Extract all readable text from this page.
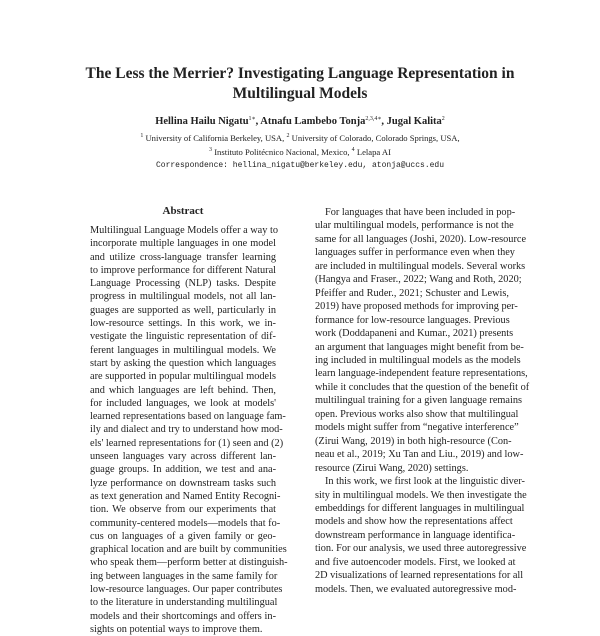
The Less the Merrier? Investigating Language Representation in
Multilingual Models
Hellina Hailu Nigatu$^{1∗}$, Atnafu Lambebo Tonja$^{2,3,4∗}$, Jugal Kalita$^2$
$^1$ University of California Berkeley, USA, $^2$ University of Colorado, Colorado Springs, USA,
$^3$ Instituto Politécnico Nacional, Mexico, $^4$ Lelapa AI
Correspondence: hellina_nigatu@berkeley.edu, atonja@uccs.edu
Abstract
Multilingual Language Models offer a way to
incorporate multiple languages in one model
and utilize cross-language transfer learning
to improve performance for different Natural
Language Processing (NLP) tasks. Despite
progress in multilingual models, not all lan-
guages are supported as well, particularly in
low-resource settings. In this work, we in-
vestigate the linguistic representation of dif-
ferent languages in multilingual models. We
start by asking the question which languages
are supported in popular multilingual models
and which languages are left behind. Then,
for included languages, we look at models'
learned representations based on language fam-
ily and dialect and try to understand how mod-
els' learned representations for (1) seen and (2)
unseen languages vary across different lan-
guage groups. In addition, we test and ana-
lyze performance on downstream tasks such
as text generation and Named Entity Recogni-
tion. We observe from our experiments that
community-centered models—models that fo-
cus on languages of a given family or geo-
graphical location and are built by communities
who speak them—perform better at distinguish-
ing between languages in the same family for
low-resource languages. Our paper contributes
to the literature in understanding multilingual
models and their shortcomings and offers in-
sights on potential ways to improve them.
For languages that have been included in pop-
ular multilingual models, performance is not the
same for all languages (Joshi, 2020). Low-resource
languages suffer in performance even when they
are included in multilingual models. Several works
(Hangya and Fraser., 2022; Wang and Roth, 2020;
Pfeiffer and Ruder., 2021; Schuster and Lewis,
2019) have proposed methods for improving per-
formance for low-resource languages. Previous
work (Doddapaneni and Kumar., 2021) presents
an argument that languages might benefit from be-
ing included in multilingual models as the models
learn language-independent feature representations,
while it concludes that the question of the benefit of
multilingual training for a given language remains
open. Previous works also show that multilingual
models might suffer from “negative interference”
(Zirui Wang, 2019) in both high-resource (Con-
neau et al., 2019; Xu Tan and Liu., 2019) and low-
resource (Zirui Wang, 2020) settings.
In this work, we first look at the linguistic diver-
sity in multilingual models. We then investigate the
embeddings for different languages in multilingual
models and show how the representations affect
downstream performance in language identifica-
tion. For our analysis, we used three autoregressive
and five autoencoder models. First, we looked at
2D visualizations of learned representations for all
models. Then, we evaluated autoregressive mod-
